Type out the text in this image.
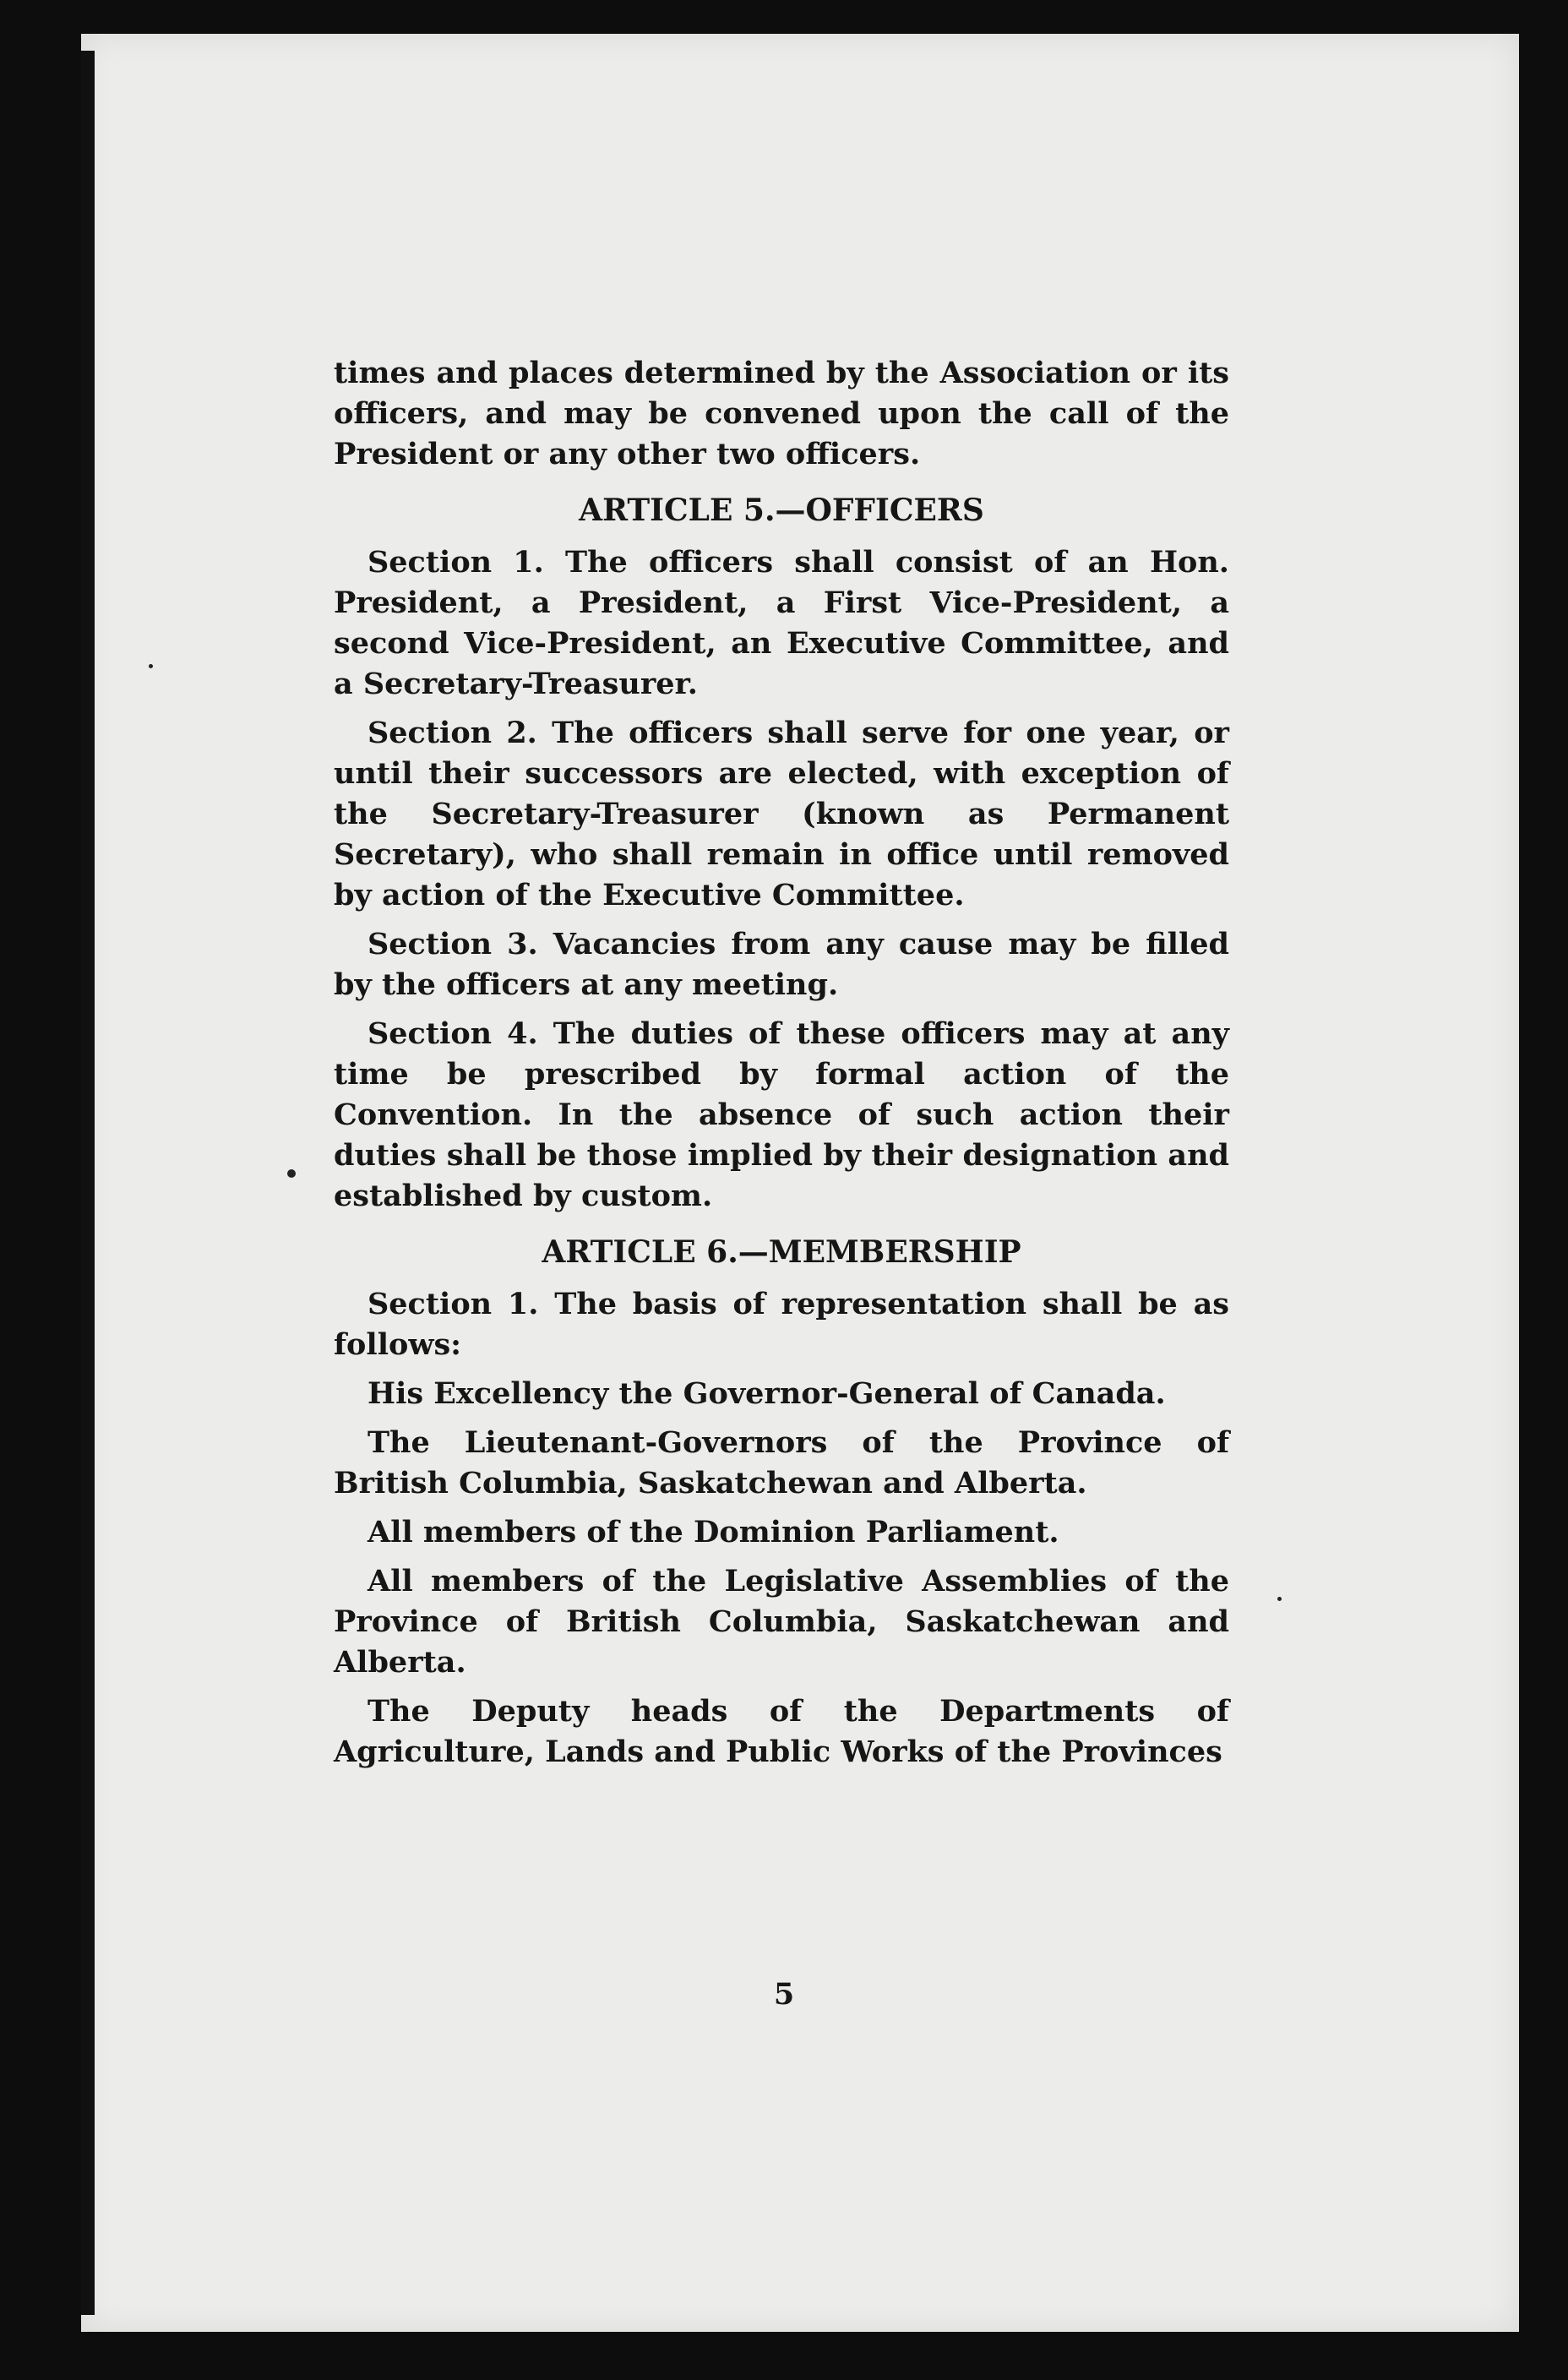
times and places determined by the Association or its officers, and may be convened upon the call of the President or any other two officers.

ARTICLE 5.—OFFICERS

Section 1. The officers shall consist of an Hon. President, a President, a First Vice-President, a second Vice-President, an Executive Committee, and a Secretary-Treasurer.

Section 2. The officers shall serve for one year, or until their successors are elected, with exception of the Secretary-Treasurer (known as Permanent Secretary), who shall remain in office until removed by action of the Executive Committee.

Section 3. Vacancies from any cause may be filled by the officers at any meeting.

Section 4. The duties of these officers may at any time be prescribed by formal action of the Convention. In the absence of such action their duties shall be those implied by their designation and established by custom.

ARTICLE 6.—MEMBERSHIP

Section 1. The basis of representation shall be as follows:

His Excellency the Governor-General of Canada.

The Lieutenant-Governors of the Province of British Columbia, Saskatchewan and Alberta.

All members of the Dominion Parliament.

All members of the Legislative Assemblies of the Province of British Columbia, Saskatchewan and Alberta.

The Deputy heads of the Departments of Agriculture, Lands and Public Works of the Provinces

5
